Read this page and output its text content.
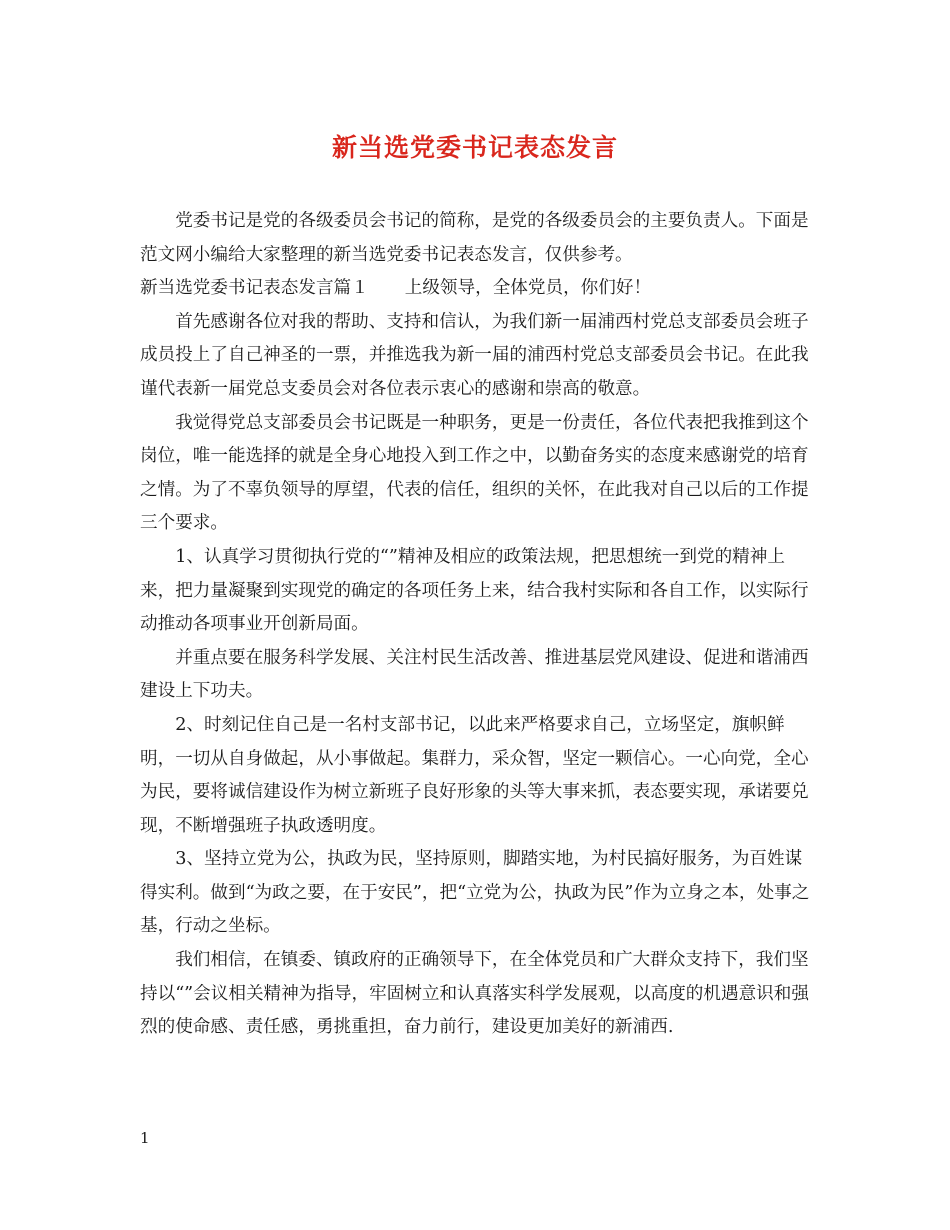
新当选党委书记表态发言

党委书记是党的各级委员会书记的简称，是党的各级委员会的主要负责人。下面是范文网小编给大家整理的新当选党委书记表态发言，仅供参考。

新当选党委书记表态发言篇１ 上级领导，全体党员，你们好！

首先感谢各位对我的帮助、支持和信认，为我们新一届浦西村党总支部委员会班子成员投上了自己神圣的一票，并推选我为新一届的浦西村党总支部委员会书记。在此我谨代表新一届党总支委员会对各位表示衷心的感谢和崇高的敬意。

我觉得党总支部委员会书记既是一种职务，更是一份责任，各位代表把我推到这个岗位，唯一能选择的就是全身心地投入到工作之中，以勤奋务实的态度来感谢党的培育之情。为了不辜负领导的厚望，代表的信任，组织的关怀，在此我对自己以后的工作提三个要求。

1、认真学习贯彻执行党的“”精神及相应的政策法规，把思想统一到党的精神上来，把力量凝聚到实现党的确定的各项任务上来，结合我村实际和各自工作，以实际行动推动各项事业开创新局面。

并重点要在服务科学发展、关注村民生活改善、推进基层党风建设、促进和谐浦西建设上下功夫。

2、时刻记住自己是一名村支部书记，以此来严格要求自己，立场坚定，旗帜鲜明，一切从自身做起，从小事做起。集群力，采众智，坚定一颗信心。一心向党，全心为民，要将诚信建设作为树立新班子良好形象的头等大事来抓，表态要实现，承诺要兑现，不断增强班子执政透明度。

3、坚持立党为公，执政为民，坚持原则，脚踏实地，为村民搞好服务，为百姓谋得实利。做到“为政之要，在于安民”，把“立党为公，执政为民”作为立身之本，处事之基，行动之坐标。

我们相信，在镇委、镇政府的正确领导下，在全体党员和广大群众支持下，我们坚持以“”会议相关精神为指导，牢固树立和认真落实科学发展观，以高度的机遇意识和强烈的使命感、责任感，勇挑重担，奋力前行，建设更加美好的新浦西.

1
